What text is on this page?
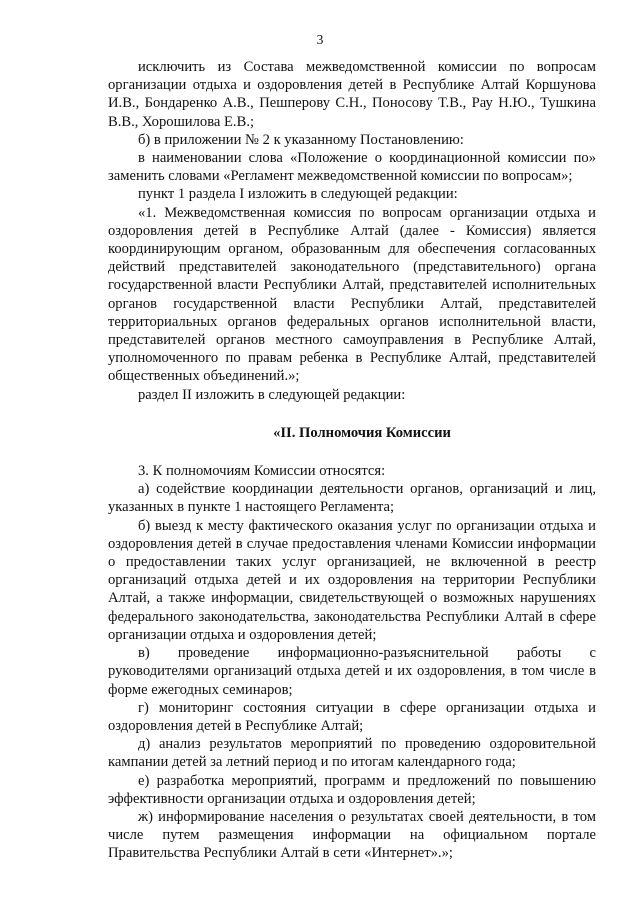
3

исключить из Состава межведомственной комиссии по вопросам организации отдыха и оздоровления детей в Республике Алтай Коршунова И.В., Бондаренко А.В., Пешперову С.Н., Поносову Т.В., Рау Н.Ю., Тушкина В.В., Хорошилова Е.В.;

б) в приложении № 2 к указанному Постановлению:

в наименовании слова «Положение о координационной комиссии по» заменить словами «Регламент межведомственной комиссии по вопросам»;

пункт 1 раздела I изложить в следующей редакции:

«1. Межведомственная комиссия по вопросам организации отдыха и оздоровления детей в Республике Алтай (далее - Комиссия) является координирующим органом, образованным для обеспечения согласованных действий представителей законодательного (представительного) органа государственной власти Республики Алтай, представителей исполнительных органов государственной власти Республики Алтай, представителей территориальных органов федеральных органов исполнительной власти, представителей органов местного самоуправления в Республике Алтай, уполномоченного по правам ребенка в Республике Алтай, представителей общественных объединений.»;

раздел II изложить в следующей редакции:

«II. Полномочия Комиссии

3. К полномочиям Комиссии относятся:

а) содействие координации деятельности органов, организаций и лиц, указанных в пункте 1 настоящего Регламента;

б) выезд к месту фактического оказания услуг по организации отдыха и оздоровления детей в случае предоставления членами Комиссии информации о предоставлении таких услуг организацией, не включенной в реестр организаций отдыха детей и их оздоровления на территории Республики Алтай, а также информации, свидетельствующей о возможных нарушениях федерального законодательства, законодательства Республики Алтай в сфере организации отдыха и оздоровления детей;

в) проведение информационно-разъяснительной работы с руководителями организаций отдыха детей и их оздоровления, в том числе в форме ежегодных семинаров;

г) мониторинг состояния ситуации в сфере организации отдыха и оздоровления детей в Республике Алтай;

д) анализ результатов мероприятий по проведению оздоровительной кампании детей за летний период и по итогам календарного года;

е) разработка мероприятий, программ и предложений по повышению эффективности организации отдыха и оздоровления детей;

ж) информирование населения о результатах своей деятельности, в том числе путем размещения информации на официальном портале Правительства Республики Алтай в сети «Интернет».»;
